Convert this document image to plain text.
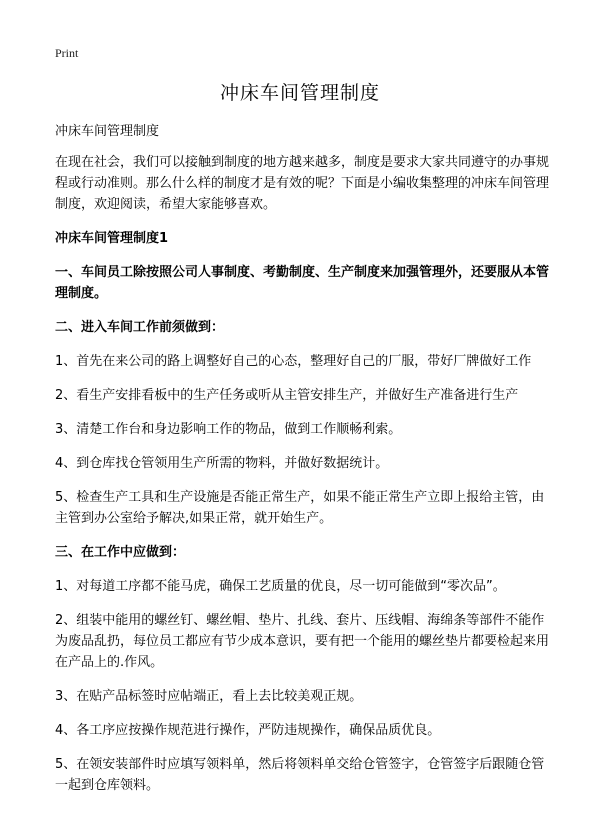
Print
冲床车间管理制度

冲床车间管理制度

在现在社会，我们可以接触到制度的地方越来越多，制度是要求大家共同遵守的办事规程或行动准则。那么什么样的制度才是有效的呢？下面是小编收集整理的冲床车间管理制度，欢迎阅读，希望大家能够喜欢。

冲床车间管理制度1

一、车间员工除按照公司人事制度、考勤制度、生产制度来加强管理外，还要服从本管理制度。

二、进入车间工作前须做到：

1、首先在来公司的路上调整好自己的心态，整理好自己的厂服，带好厂牌做好工作

2、看生产安排看板中的生产任务或听从主管安排生产，并做好生产准备进行生产

3、清楚工作台和身边影响工作的物品，做到工作顺畅利索。

4、到仓库找仓管领用生产所需的物料，并做好数据统计。

5、检查生产工具和生产设施是否能正常生产，如果不能正常生产立即上报给主管，由主管到办公室给予解决,如果正常，就开始生产。

三、在工作中应做到：

1、对每道工序都不能马虎，确保工艺质量的优良，尽一切可能做到“零次品”。

2、组装中能用的螺丝钉、螺丝帽、垫片、扎线、套片、压线帽、海绵条等部件不能作为废品乱扔，每位员工都应有节少成本意识，要有把一个能用的螺丝垫片都要检起来用在产品上的.作风。

3、在贴产品标签时应帖端正，看上去比较美观正规。

4、各工序应按操作规范进行操作，严防违规操作，确保品质优良。

5、在领安装部件时应填写领料单，然后将领料单交给仓管签字，仓管签字后跟随仓管一起到仓库领料。
